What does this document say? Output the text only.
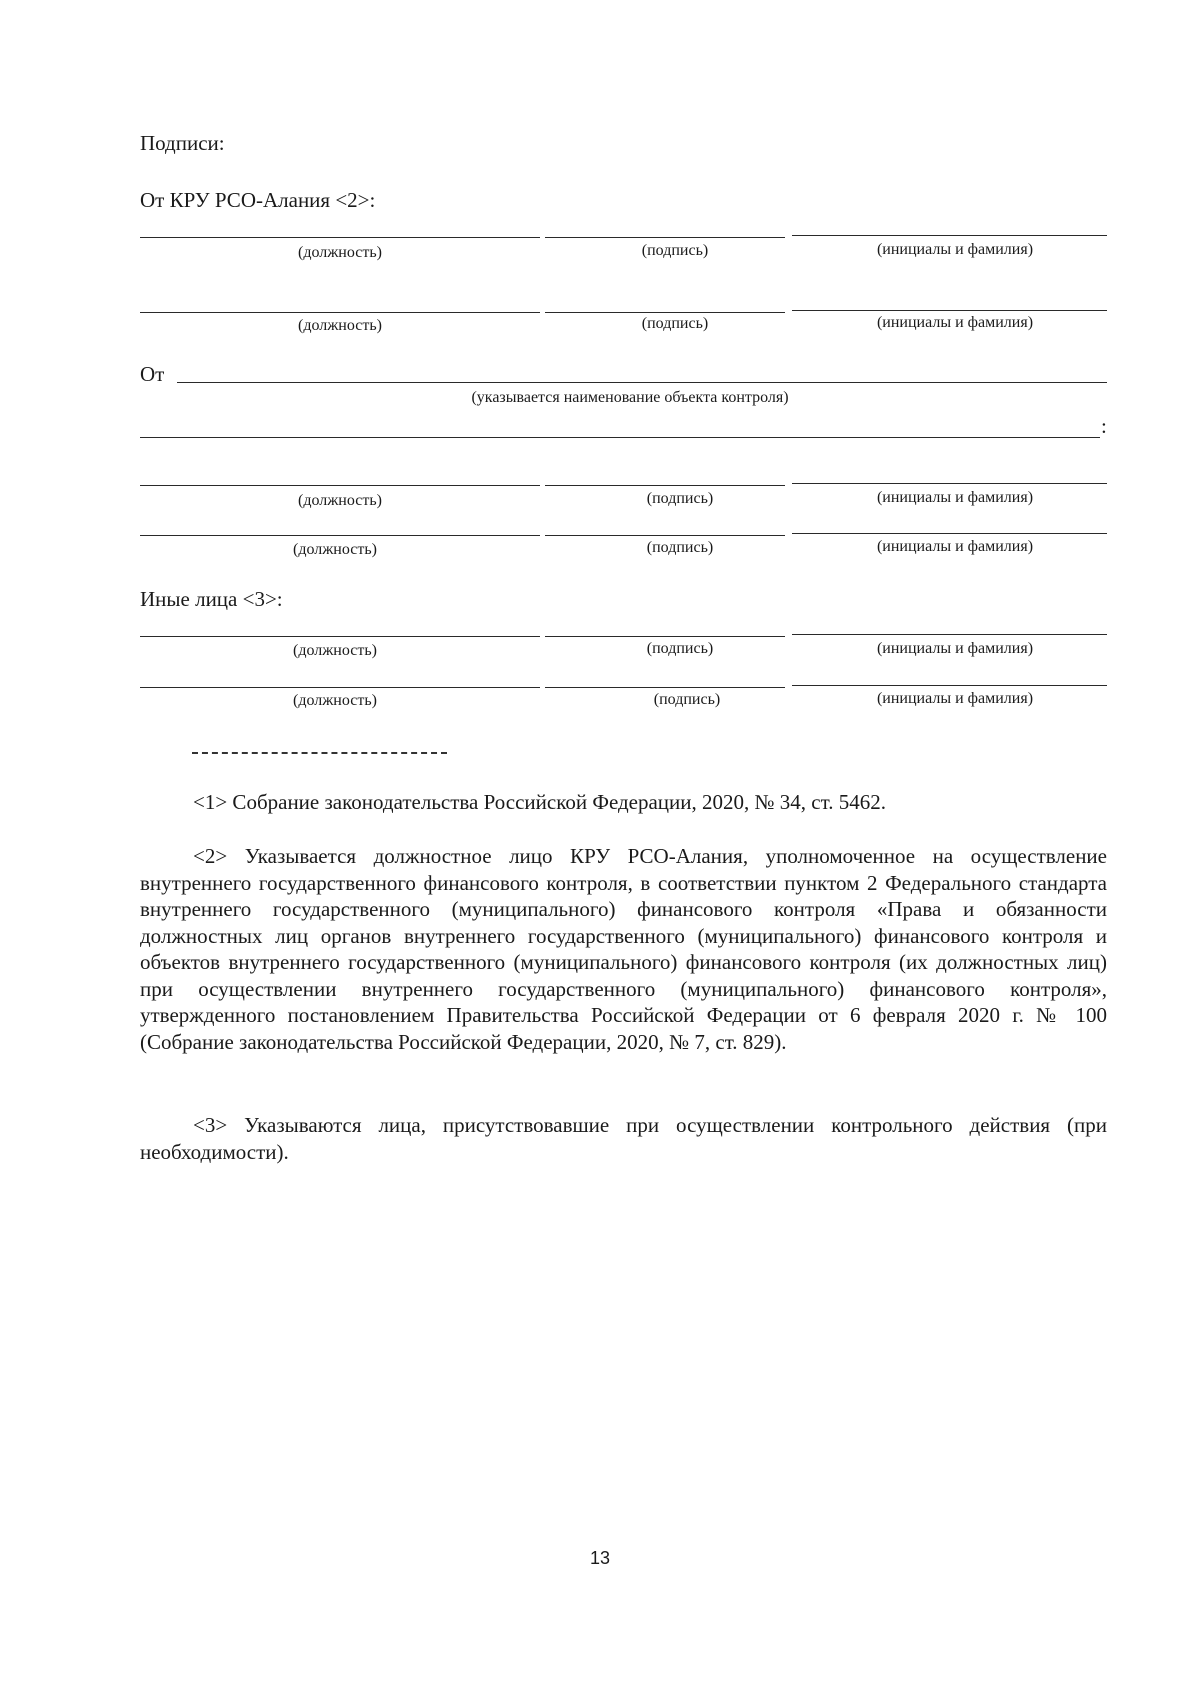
Подписи:
От КРУ РСО-Алания <2>:
(должность)	(подпись)	(инициалы и фамилия)
(должность)	(подпись)	(инициалы и фамилия)
От
(указывается наименование объекта контроля)
:
(должность)	(подпись)	(инициалы и фамилия)
(должность)	(подпись)	(инициалы и фамилия)
Иные лица <3>:
(должность)	(подпись)	(инициалы и фамилия)
(должность)	(подпись)	(инициалы и фамилия)
<1> Собрание законодательства Российской Федерации, 2020, № 34, ст. 5462.
<2> Указывается должностное лицо КРУ РСО-Алания, уполномоченное на осуществление внутреннего государственного финансового контроля, в соответствии пунктом 2 Федерального стандарта внутреннего государственного (муниципального) финансового контроля «Права и обязанности должностных лиц органов внутреннего государственного (муниципального) финансового контроля и объектов внутреннего государственного (муниципального) финансового контроля (их должностных лиц) при осуществлении внутреннего государственного (муниципального) финансового контроля», утвержденного постановлением Правительства Российской Федерации от 6 февраля 2020 г. № 100 (Собрание законодательства Российской Федерации, 2020, № 7, ст. 829).
<3> Указываются лица, присутствовавшие при осуществлении контрольного действия (при необходимости).
13
